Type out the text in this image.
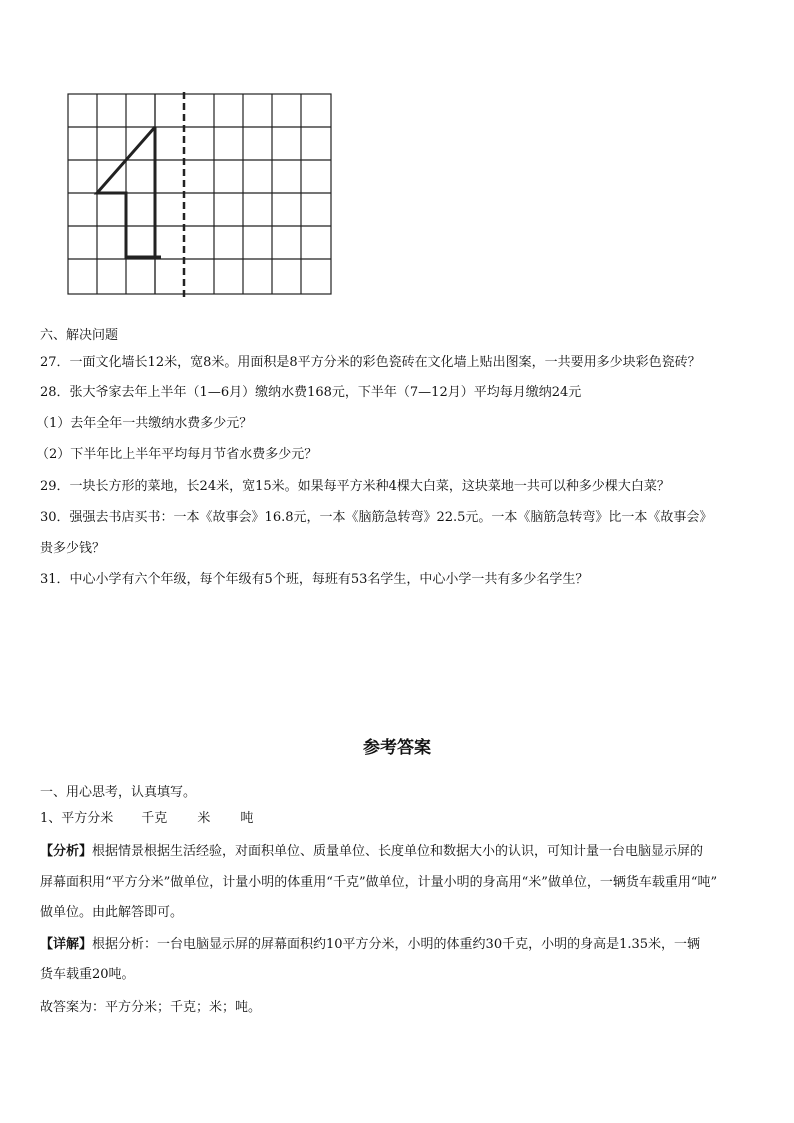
六、解决问题
27．一面文化墙长12米，宽8米。用面积是8平方分米的彩色瓷砖在文化墙上贴出图案，一共要用多少块彩色瓷砖？
28．张大爷家去年上半年（1—6月）缴纳水费168元，下半年（7—12月）平均每月缴纳24元
（1）去年全年一共缴纳水费多少元？
（2）下半年比上半年平均每月节省水费多少元？
29．一块长方形的菜地，长24米，宽15米。如果每平方米种4棵大白菜，这块菜地一共可以种多少棵大白菜？
30．强强去书店买书：一本《故事会》16.8元，一本《脑筋急转弯》22.5元。一本《脑筋急转弯》比一本《故事会》
贵多少钱？
31．中心小学有六个年级，每个年级有5个班，每班有53名学生，中心小学一共有多少名学生？
参考答案
一、用心思考，认真填写。
1、平方分米 千克 米 吨
【分析】根据情景根据生活经验，对面积单位、质量单位、长度单位和数据大小的认识，可知计量一台电脑显示屏的
屏幕面积用“平方分米”做单位，计量小明的体重用“千克”做单位，计量小明的身高用“米”做单位，一辆货车载重用“吨”
做单位。由此解答即可。
【详解】根据分析：一台电脑显示屏的屏幕面积约10平方分米，小明的体重约30千克，小明的身高是1.35米，一辆
货车载重20吨。
故答案为：平方分米；千克；米；吨。
